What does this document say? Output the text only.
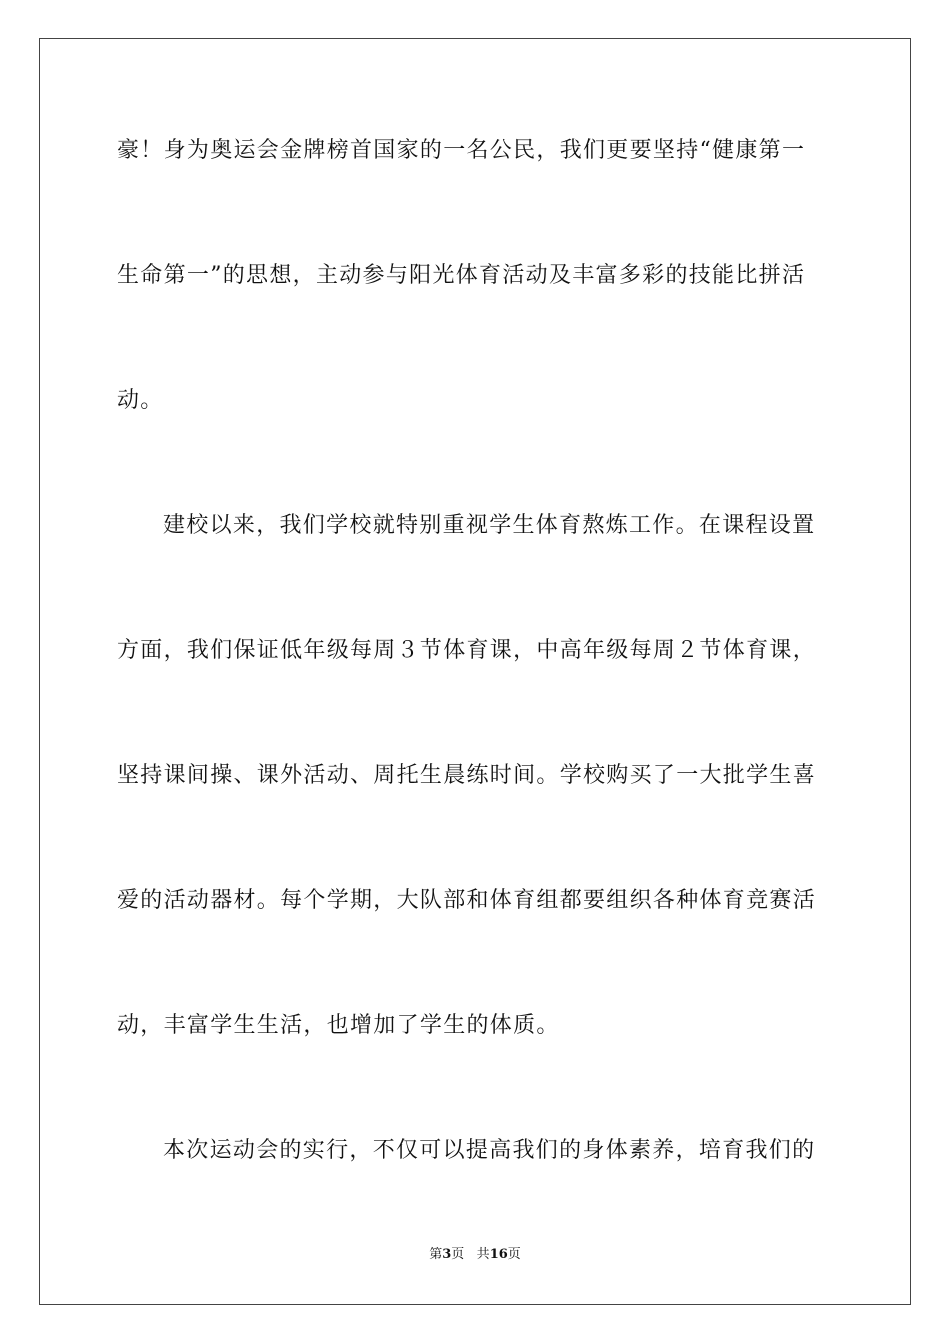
豪！身为奥运会金牌榜首国家的一名公民，我们更要坚持“健康第一
生命第一”的思想，主动参与阳光体育活动及丰富多彩的技能比拼活
动。
建校以来，我们学校就特别重视学生体育熬炼工作。在课程设置
方面，我们保证低年级每周３节体育课，中高年级每周２节体育课，
坚持课间操、课外活动、周托生晨练时间。学校购买了一大批学生喜
爱的活动器材。每个学期，大队部和体育组都要组织各种体育竞赛活
动，丰富学生生活，也增加了学生的体质。
本次运动会的实行，不仅可以提高我们的身体素养，培育我们的
第3页 共16页
